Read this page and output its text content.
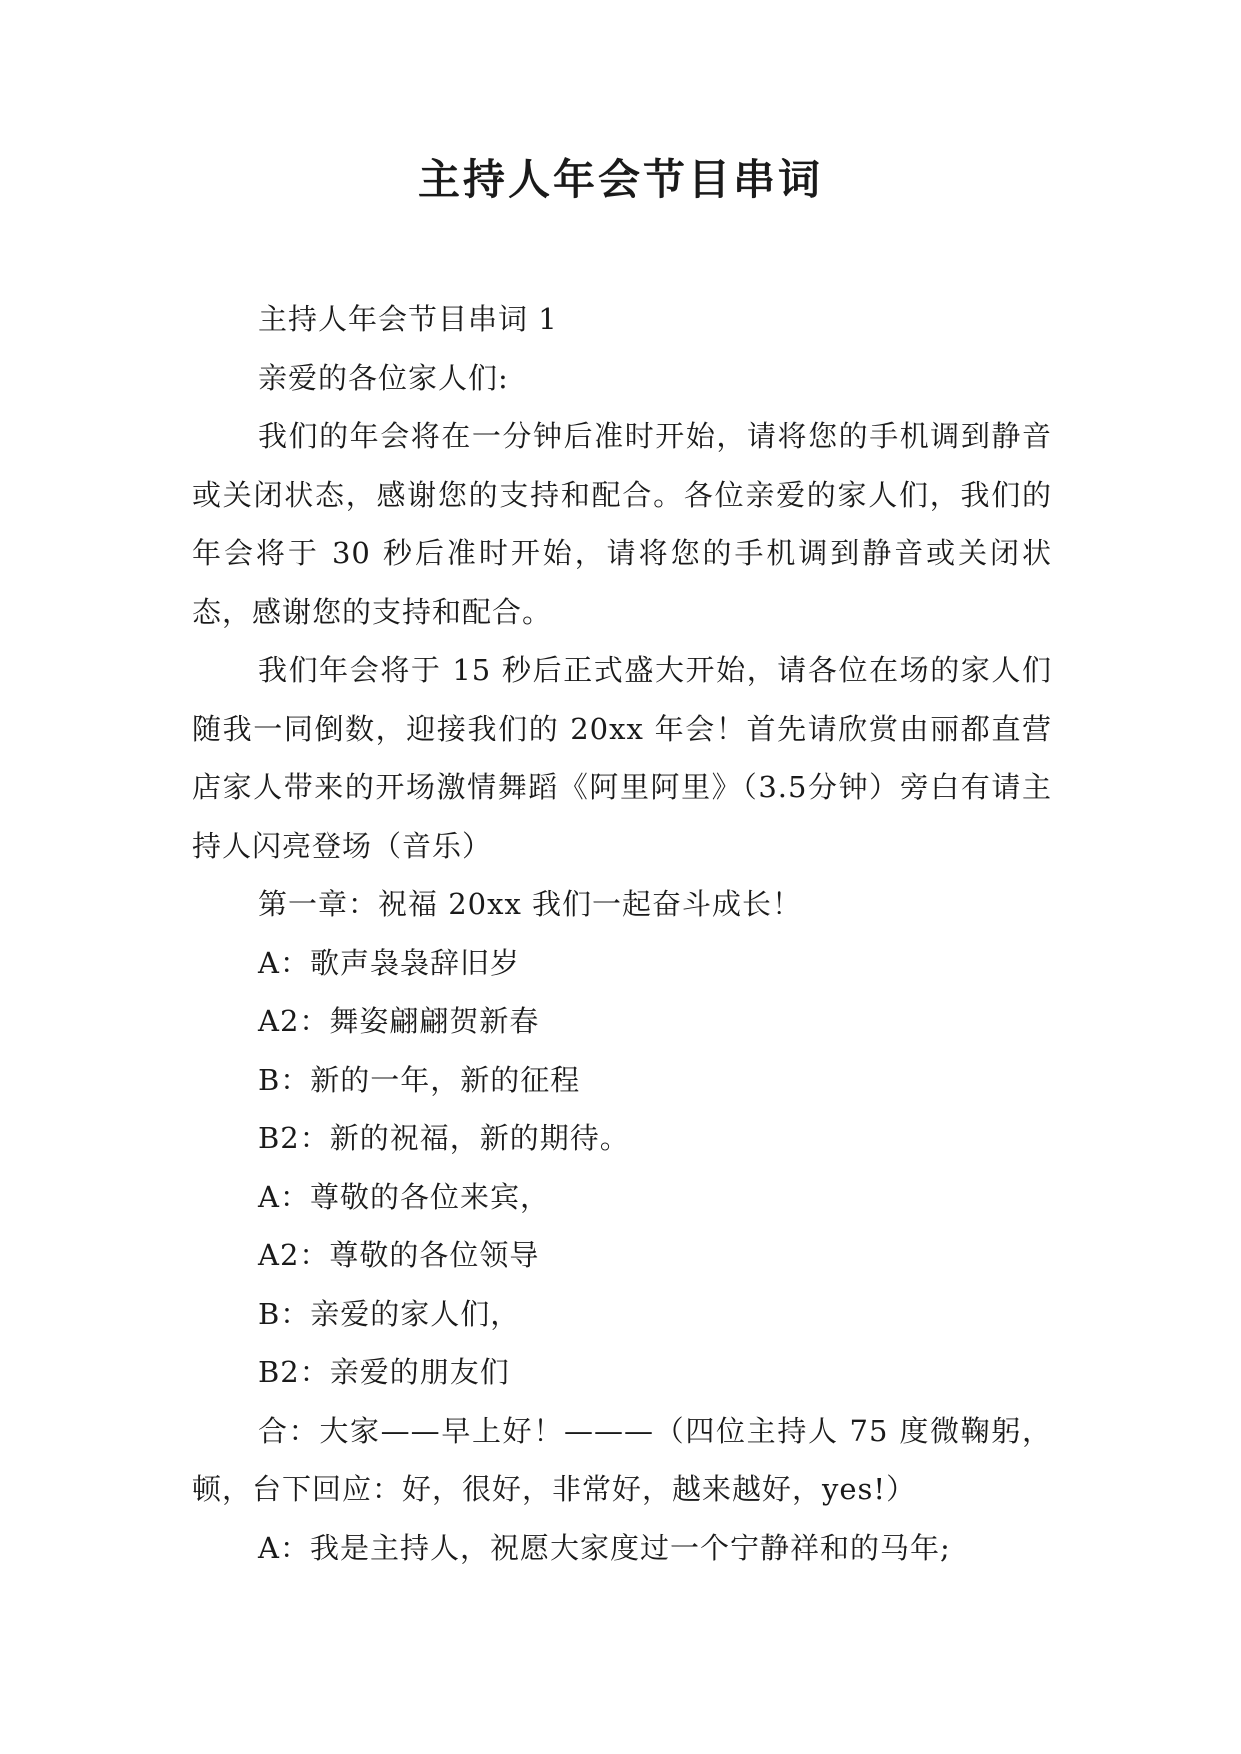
主持人年会节目串词

主持人年会节目串词 1

亲爱的各位家人们:

我们的年会将在一分钟后准时开始，请将您的手机调到静音或关闭状态，感谢您的支持和配合。各位亲爱的家人们，我们的年会将于 30 秒后准时开始，请将您的手机调到静音或关闭状态，感谢您的支持和配合。

我们年会将于 15 秒后正式盛大开始，请各位在场的家人们随我一同倒数，迎接我们的 20xx 年会！首先请欣赏由丽都直营店家人带来的开场激情舞蹈《阿里阿里》（3.5分钟）旁白有请主持人闪亮登场（音乐）

第一章：祝福 20xx 我们一起奋斗成长！

A：歌声袅袅辞旧岁

A2：舞姿翩翩贺新春

B：新的一年，新的征程

B2：新的祝福，新的期待。

A：尊敬的各位来宾，

A2：尊敬的各位领导

B：亲爱的家人们，

B2：亲爱的朋友们

合：大家——早上好！———（四位主持人 75 度微鞠躬，顿，台下回应：好，很好，非常好，越来越好，yes!）

A：我是主持人，祝愿大家度过一个宁静祥和的马年;
